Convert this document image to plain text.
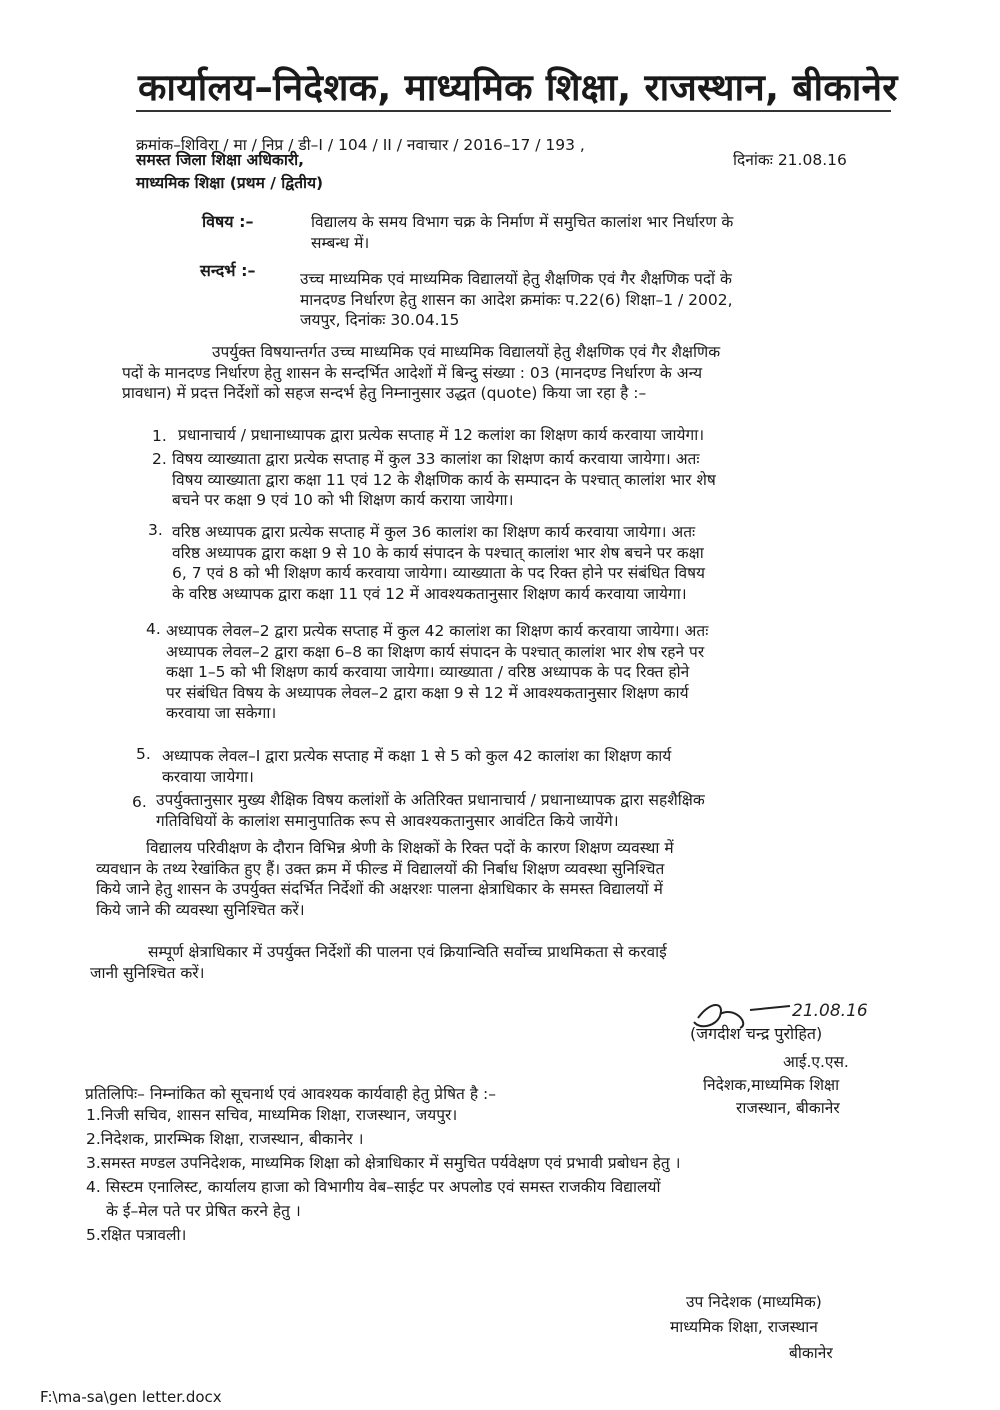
कार्यालय–निदेशक, माध्यमिक शिक्षा, राजस्थान, बीकानेर
क्रमांक–शिविरा / मा / निप्र / डी–I / 104 / II / नवाचार / 2016–17 / 193 ,
दिनांकः 21.08.16
समस्त जिला शिक्षा अधिकारी,
माध्यमिक शिक्षा (प्रथम / द्वितीय)
विषय :–	विद्यालय के समय विभाग चक्र के निर्माण में समुचित कालांश भार निर्धारण के
सम्बन्ध में।
सन्दर्भ :–	उच्च माध्यमिक एवं माध्यमिक विद्यालयों हेतु शैक्षणिक एवं गैर शैक्षणिक पदों के
मानदण्ड निर्धारण हेतु शासन का आदेश क्रमांकः प.22(6) शिक्षा–1 / 2002,
जयपुर, दिनांकः 30.04.15
उपर्युक्त विषयान्तर्गत उच्च माध्यमिक एवं माध्यमिक विद्यालयों हेतु शैक्षणिक एवं गैर शैक्षणिक
पदों के मानदण्ड निर्धारण हेतु शासन के सन्दर्भित आदेशों में बिन्दु संख्या : 03 (मानदण्ड निर्धारण के अन्य
प्रावधान) में प्रदत्त निर्देशों को सहज सन्दर्भ हेतु निम्नानुसार उद्धत (quote) किया जा रहा है :–
1. प्रधानाचार्य / प्रधानाध्यापक द्वारा प्रत्येक सप्ताह में 12 कलांश का शिक्षण कार्य करवाया जायेगा।
2. विषय व्याख्याता द्वारा प्रत्येक सप्ताह में कुल 33 कालांश का शिक्षण कार्य करवाया जायेगा। अतः
विषय व्याख्याता द्वारा कक्षा 11 एवं 12 के शैक्षणिक कार्य के सम्पादन के पश्चात् कालांश भार शेष
बचने पर कक्षा 9 एवं 10 को भी शिक्षण कार्य कराया जायेगा।
3. वरिष्ठ अध्यापक द्वारा प्रत्येक सप्ताह में कुल 36 कालांश का शिक्षण कार्य करवाया जायेगा। अतः
वरिष्ठ अध्यापक द्वारा कक्षा 9 से 10 के कार्य संपादन के पश्चात् कालांश भार शेष बचने पर कक्षा
6, 7 एवं 8 को भी शिक्षण कार्य करवाया जायेगा। व्याख्याता के पद रिक्त होने पर संबंधित विषय
के वरिष्ठ अध्यापक द्वारा कक्षा 11 एवं 12 में आवश्यकतानुसार शिक्षण कार्य करवाया जायेगा।
4. अध्यापक लेवल–2 द्वारा प्रत्येक सप्ताह में कुल 42 कालांश का शिक्षण कार्य करवाया जायेगा। अतः
अध्यापक लेवल–2 द्वारा कक्षा 6–8 का शिक्षण कार्य संपादन के पश्चात् कालांश भार शेष रहने पर
कक्षा 1–5 को भी शिक्षण कार्य करवाया जायेगा। व्याख्याता / वरिष्ठ अध्यापक के पद रिक्त होने
पर संबंधित विषय के अध्यापक लेवल–2 द्वारा कक्षा 9 से 12 में आवश्यकतानुसार शिक्षण कार्य
करवाया जा सकेगा।
5. अध्यापक लेवल–I द्वारा प्रत्येक सप्ताह में कक्षा 1 से 5 को कुल 42 कालांश का शिक्षण कार्य
करवाया जायेगा।
6. उपर्युक्तानुसार मुख्य शैक्षिक विषय कलांशों के अतिरिक्त प्रधानाचार्य / प्रधानाध्यापक द्वारा सहशैक्षिक
गतिविधियों के कालांश समानुपातिक रूप से आवश्यकतानुसार आवंटित किये जायेंगे।
विद्यालय परिवीक्षण के दौरान विभिन्न श्रेणी के शिक्षकों के रिक्त पदों के कारण शिक्षण व्यवस्था में
व्यवधान के तथ्य रेखांकित हुए हैं। उक्त क्रम में फील्ड में विद्यालयों की निर्बाध शिक्षण व्यवस्था सुनिश्चित
किये जाने हेतु शासन के उपर्युक्त संदर्भित निर्देशों की अक्षरशः पालना क्षेत्राधिकार के समस्त विद्यालयों में
किये जाने की व्यवस्था सुनिश्चित करें।
सम्पूर्ण क्षेत्राधिकार में उपर्युक्त निर्देशों की पालना एवं क्रियान्विति सर्वोच्च प्राथमिकता से करवाई
जानी सुनिश्चित करें।
21.08.16
(जगदीश चन्द्र पुरोहित)
आई.ए.एस.
निदेशक,माध्यमिक शिक्षा
राजस्थान, बीकानेर
प्रतिलिपिः– निम्नांकित को सूचनार्थ एवं आवश्यक कार्यवाही हेतु प्रेषित है :–
1.निजी सचिव, शासन सचिव, माध्यमिक शिक्षा, राजस्थान, जयपुर।
2.निदेशक, प्रारम्भिक शिक्षा, राजस्थान, बीकानेर ।
3.समस्त मण्डल उपनिदेशक, माध्यमिक शिक्षा को क्षेत्राधिकार में समुचित पर्यवेक्षण एवं प्रभावी प्रबोधन हेतु ।
4. सिस्टम एनालिस्ट, कार्यालय हाजा को विभागीय वेब–साईट पर अपलोड एवं समस्त राजकीय विद्यालयों
के ई–मेल पते पर प्रेषित करने हेतु ।
5.रक्षित पत्रावली।
उप निदेशक (माध्यमिक)
माध्यमिक शिक्षा, राजस्थान
बीकानेर
F:\ma-sa\gen letter.docx
